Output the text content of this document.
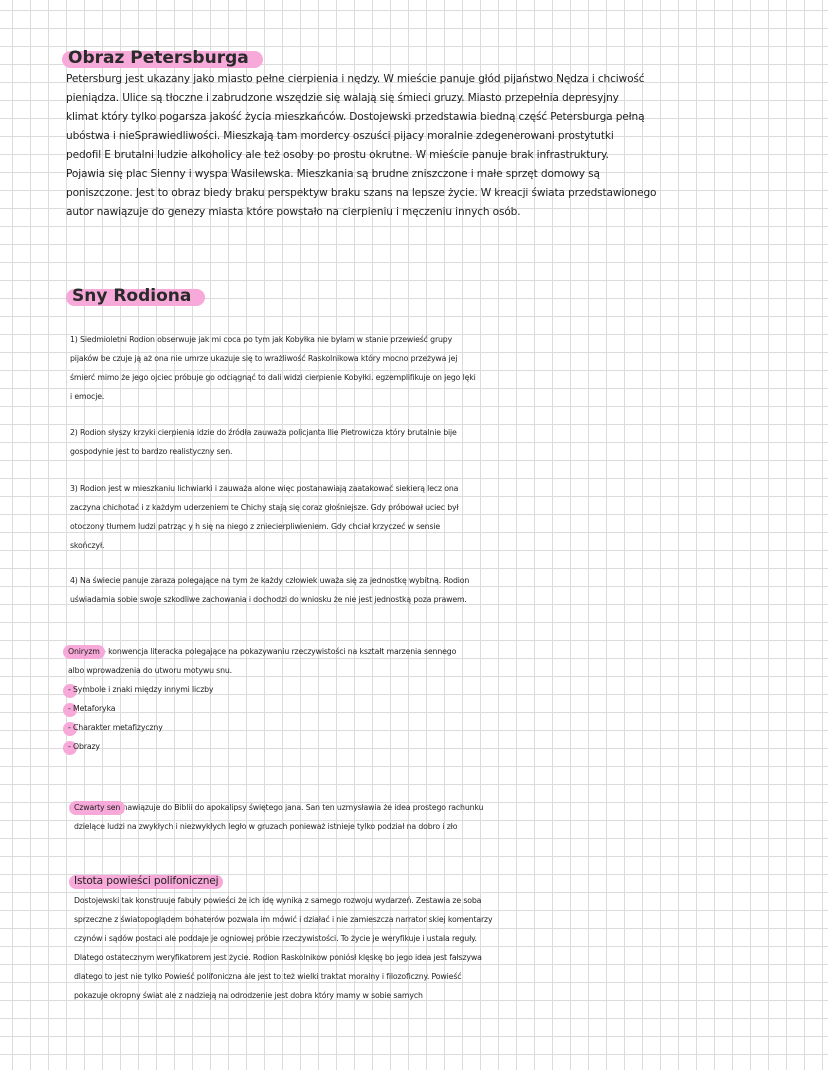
Obraz Petersburga
Petersburg jest ukazany jako miasto pełne cierpienia i nędzy. W mieście panuje głód pijaństwo Nędza i chciwość
pieniądza. Ulice są tłoczne i zabrudzone wszędzie się walają się śmieci gruzy. Miasto przepełnia depresyjny
klimat który tylko pogarsza jakość życia mieszkańców. Dostojewski przedstawia biedną część Petersburga pełną
ubóstwa i nieSprawiedliwości. Mieszkają tam mordercy oszuści pijacy moralnie zdegenerowani prostytutki
pedofil E brutalni ludzie alkoholicy ale też osoby po prostu okrutne. W mieście panuje brak infrastruktury.
Pojawia się plac Sienny i wyspa Wasilewska. Mieszkania są brudne zniszczone i małe sprzęt domowy są
poniszczone. Jest to obraz biedy braku perspektyw braku szans na lepsze życie. W kreacji świata przedstawionego
autor nawiązuje do genezy miasta które powstało na cierpieniu i męczeniu innych osób.
Sny Rodiona
1) Siedmioletni Rodion obserwuje jak mi coca po tym jak Kobyłka nie byłam w stanie przewieść grupy
pijaków be czuje ją aż ona nie umrze ukazuje się to wrażliwość Raskolnikowa który mocno przeżywa jej
śmierć mimo że jego ojciec próbuje go odciągnąć to dali widzi cierpienie Kobyłki. egzemplifikuje on jego lęki
i emocje.
2) Rodion słyszy krzyki cierpienia idzie do źródła zauważa policjanta Ilie Pietrowicza który brutalnie bije
gospodynie jest to bardzo realistyczny sen.
3) Rodion jest w mieszkaniu lichwiarki i zauważa alone więc postanawiają zaatakować siekierą lecz ona
zaczyna chichotać i z każdym uderzeniem te Chichy stają się coraz głośniejsze. Gdy próbował uciec był
otoczony tłumem ludzi patrząc y h się na niego z zniecierpliwieniem. Gdy chciał krzyczeć w sensie
skończył.
4) Na świecie panuje zaraza polegające na tym że każdy człowiek uważa się za jednostkę wybitną. Rodion
uświadamia sobie swoje szkodliwe zachowania i dochodzi do wniosku że nie jest jednostką poza prawem.
Oniryzm – konwencja literacka polegające na pokazywaniu rzeczywistości na kształt marzenia sennego
albo wprowadzenia do utworu motywu snu.
- Symbole i znaki między innymi liczby
- Metaforyka
- Charakter metafizyczny
- Obrazy
Czwarty sen nawiązuje do Biblii do apokalipsy świętego jana. San ten uzmysławia że idea prostego rachunku
dzielące ludzi na zwykłych i niezwykłych legło w gruzach ponieważ istnieje tylko podział na dobro i zło
Istota powieści polifonicznej
Dostojewski tak konstruuje fabuły powieści że ich idę wynika z samego rozwoju wydarzeń. Zestawia ze soba
sprzeczne z światopoglądem bohaterów pozwala im mówić i działać i nie zamieszcza narrator skiej komentarzy
czynów i sądów postaci ale poddaje je ogniowej próbie rzeczywistości. To życie je weryfikuje i ustala reguły.
Dlatego ostatecznym weryfikatorem jest życie. Rodion Raskolnikow poniósł klęskę bo jego idea jest fałszywa
dlatego to jest nie tylko Powieść polifoniczna ale jest to też wielki traktat moralny i filozoficzny. Powieść
pokazuje okropny świat ale z nadzieją na odrodzenie jest dobra który mamy w sobie samych
